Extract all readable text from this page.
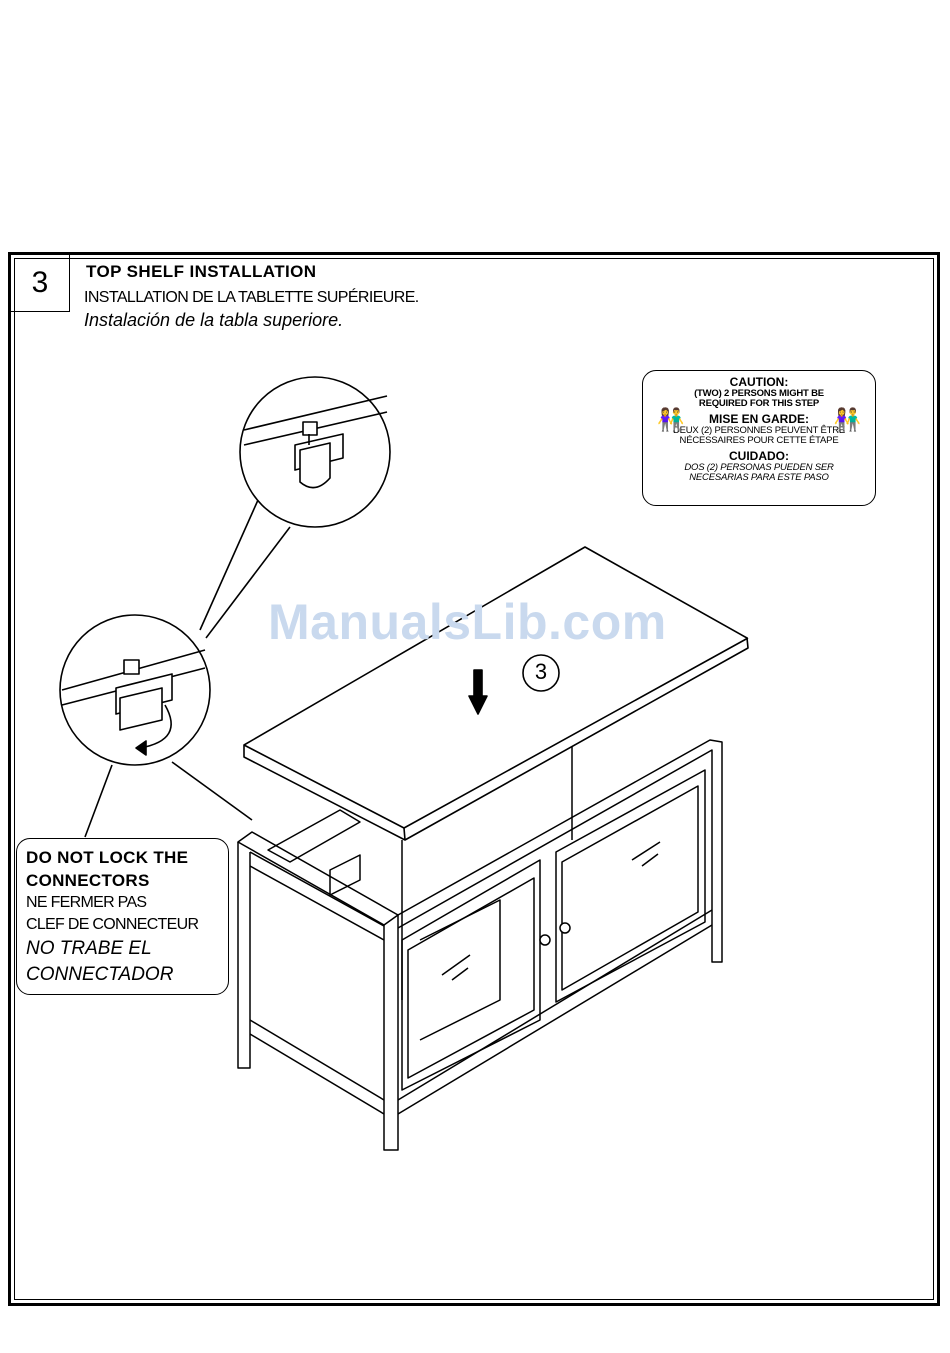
3	TOP SHELF INSTALLATION
INSTALLATION DE LA TABLETTE SUPÉRIEURE.
Instalación de la tabla superiore.
3
ManualsLib.com
👫	👫
CAUTION:
(TWO) 2 PERSONS MIGHT BE
REQUIRED FOR THIS STEP
MISE EN GARDE:
DEUX (2) PERSONNES PEUVENT ÊTRE
NÉCESSAIRES POUR CETTE ÉTAPE
CUIDADO:
DOS (2) PERSONAS PUEDEN SER
NECESARIAS PARA ESTE PASO
DO NOT LOCK THE
CONNECTORS
NE FERMER PAS
CLEF DE CONNECTEUR
NO TRABE EL
CONNECTADOR
